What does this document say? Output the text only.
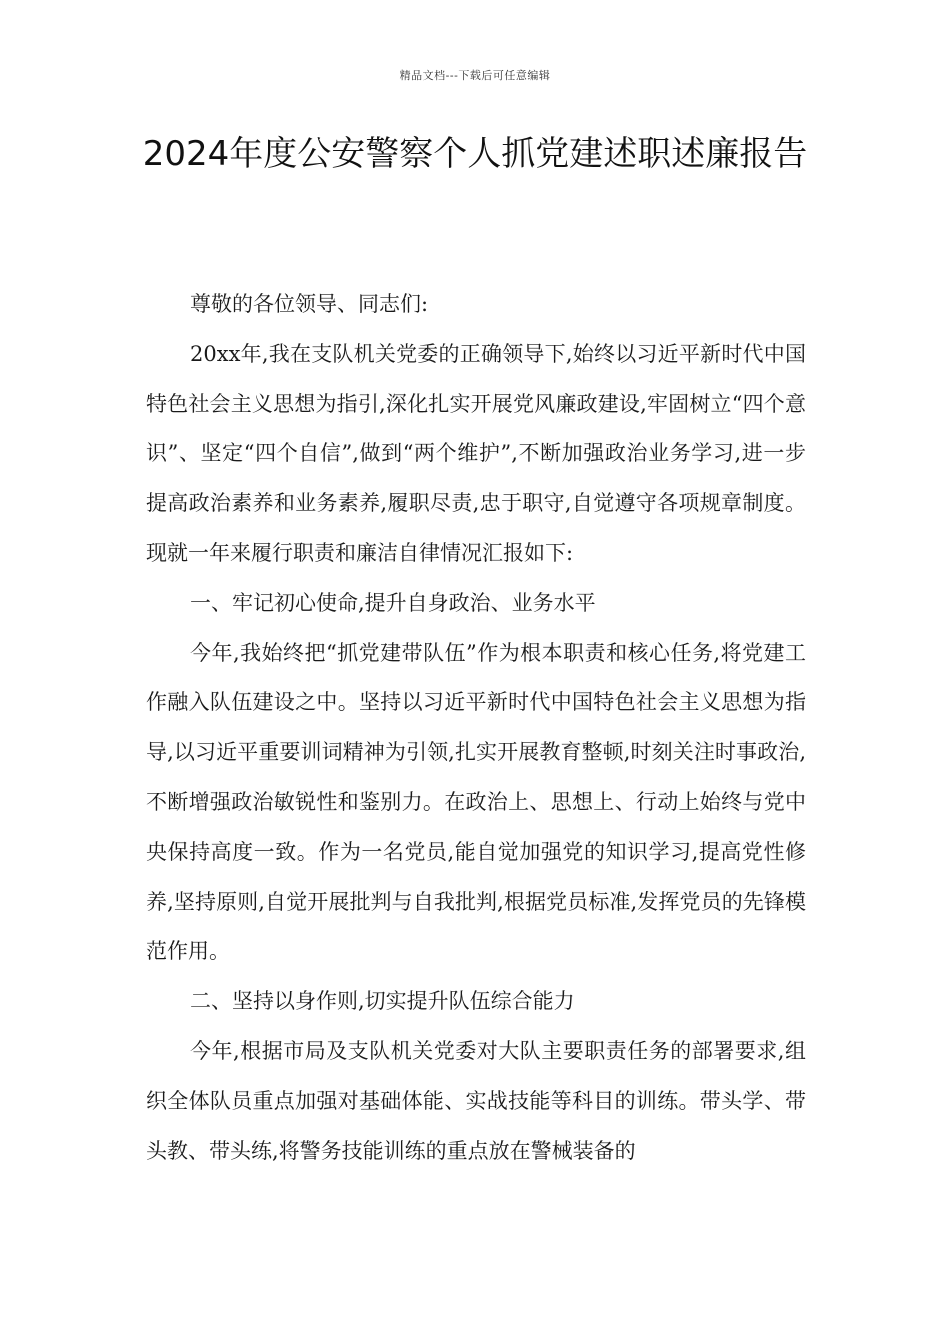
精品文档---下载后可任意编辑
2024年度公安警察个人抓党建述职述廉报告

尊敬的各位领导、同志们:

20xx年,我在支队机关党委的正确领导下,始终以习近平新时代中国特色社会主义思想为指引,深化扎实开展党风廉政建设,牢固树立“四个意识”、坚定“四个自信”,做到“两个维护”,不断加强政治业务学习,进一步提高政治素养和业务素养,履职尽责,忠于职守,自觉遵守各项规章制度。现就一年来履行职责和廉洁自律情况汇报如下:

一、牢记初心使命,提升自身政治、业务水平

今年,我始终把“抓党建带队伍”作为根本职责和核心任务,将党建工作融入队伍建设之中。坚持以习近平新时代中国特色社会主义思想为指导,以习近平重要训词精神为引领,扎实开展教育整顿,时刻关注时事政治,不断增强政治敏锐性和鉴别力。在政治上、思想上、行动上始终与党中央保持高度一致。作为一名党员,能自觉加强党的知识学习,提高党性修养,坚持原则,自觉开展批判与自我批判,根据党员标准,发挥党员的先锋模范作用。

二、坚持以身作则,切实提升队伍综合能力

今年,根据市局及支队机关党委对大队主要职责任务的部署要求,组织全体队员重点加强对基础体能、实战技能等科目的训练。带头学、带头教、带头练,将警务技能训练的重点放在警械装备的
